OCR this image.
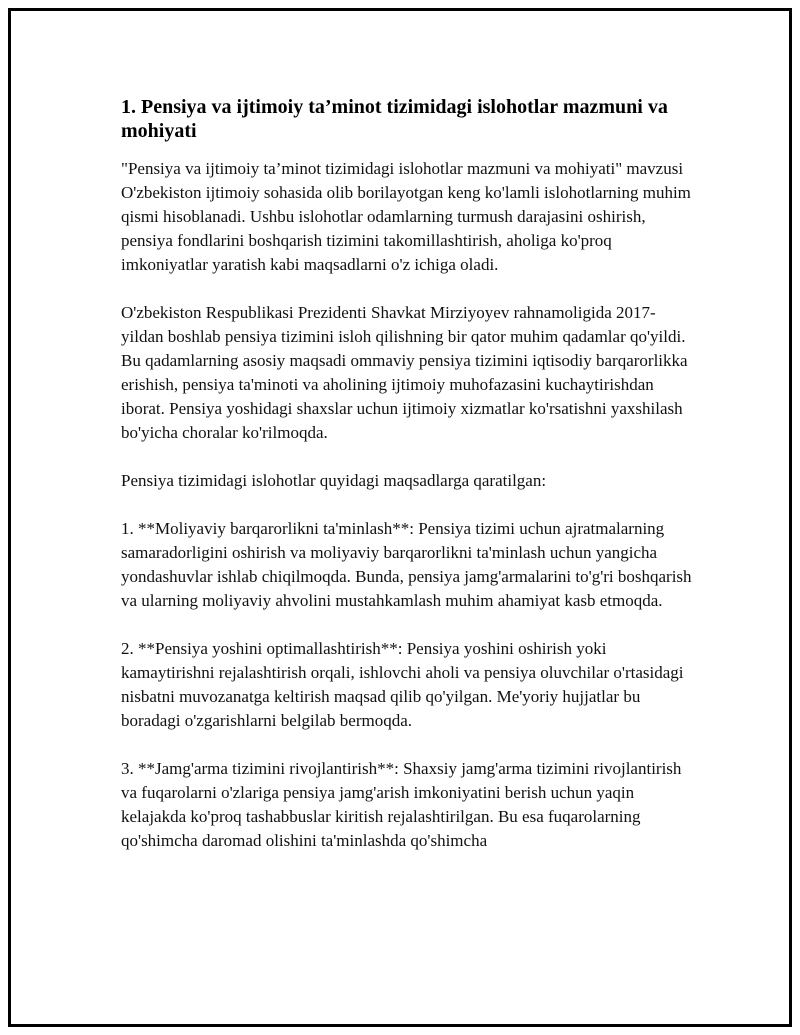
1. Pensiya va ijtimoiy ta’minot tizimidagi islohotlar mazmuni va mohiyati

"Pensiya va ijtimoiy ta’minot tizimidagi islohotlar mazmuni va mohiyati" mavzusi O'zbekiston ijtimoiy sohasida olib borilayotgan keng ko'lamli islohotlarning muhim qismi hisoblanadi. Ushbu islohotlar odamlarning turmush darajasini oshirish, pensiya fondlarini boshqarish tizimini takomillashtirish, aholiga ko'proq imkoniyatlar yaratish kabi maqsadlarni o'z ichiga oladi.

O'zbekiston Respublikasi Prezidenti Shavkat Mirziyoyev rahnamoligida 2017-yildan boshlab pensiya tizimini isloh qilishning bir qator muhim qadamlar qo'yildi. Bu qadamlarning asosiy maqsadi ommaviy pensiya tizimini iqtisodiy barqarorlikka erishish, pensiya ta'minoti va aholining ijtimoiy muhofazasini kuchaytirishdan iborat. Pensiya yoshidagi shaxslar uchun ijtimoiy xizmatlar ko'rsatishni yaxshilash bo'yicha choralar ko'rilmoqda.

Pensiya tizimidagi islohotlar quyidagi maqsadlarga qaratilgan:

1. **Moliyaviy barqarorlikni ta'minlash**: Pensiya tizimi uchun ajratmalarning samaradorligini oshirish va moliyaviy barqarorlikni ta'minlash uchun yangicha yondashuvlar ishlab chiqilmoqda. Bunda, pensiya jamg'armalarini to'g'ri boshqarish va ularning moliyaviy ahvolini mustahkamlash muhim ahamiyat kasb etmoqda.

2. **Pensiya yoshini optimallashtirish**: Pensiya yoshini oshirish yoki kamaytirishni rejalashtirish orqali, ishlovchi aholi va pensiya oluvchilar o'rtasidagi nisbatni muvozanatga keltirish maqsad qilib qo'yilgan. Me'yoriy hujjatlar bu boradagi o'zgarishlarni belgilab bermoqda.

3. **Jamg'arma tizimini rivojlantirish**: Shaxsiy jamg'arma tizimini rivojlantirish va fuqarolarni o'zlariga pensiya jamg'arish imkoniyatini berish uchun yaqin kelajakda ko'proq tashabbuslar kiritish rejalashtirilgan. Bu esa fuqarolarning qo'shimcha daromad olishini ta'minlashda qo'shimcha
